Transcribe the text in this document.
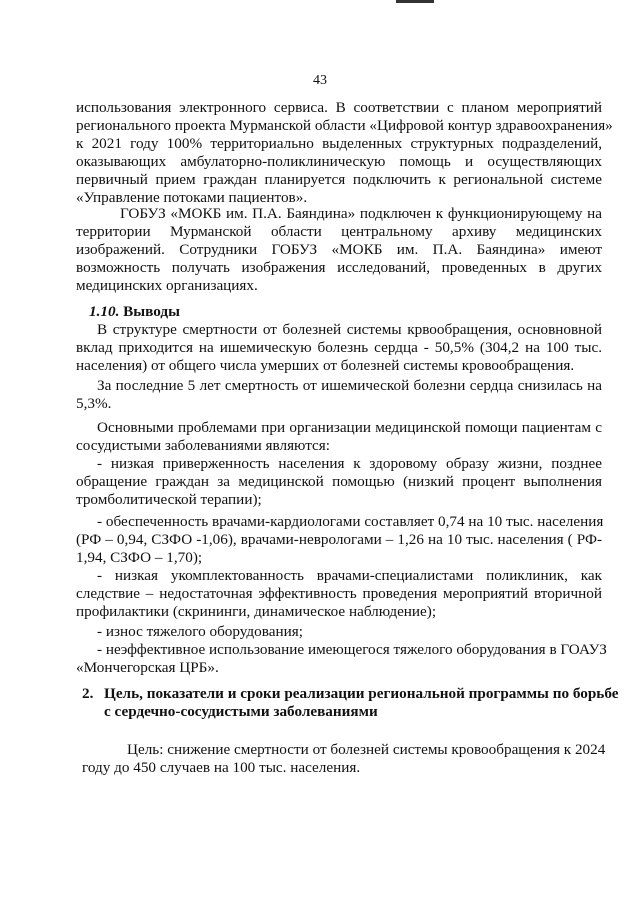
43
использования электронного сервиса. В соответствии с планом мероприятий
регионального проекта Мурманской области «Цифровой контур здравоохранения»
к 2021 году 100% территориально выделенных структурных подразделений,
оказывающих амбулаторно-поликлиническую помощь и осуществляющих
первичный прием граждан планируется подключить к региональной системе
«Управление потоками пациентов».
ГОБУЗ «МОКБ им. П.А. Баяндина» подключен к функционирующему на
территории Мурманской области центральному архиву медицинских
изображений. Сотрудники ГОБУЗ «МОКБ им. П.А. Баяндина» имеют
возможность получать изображения исследований, проведенных в других
медицинских организациях.
1.10. Выводы
В структуре смертности от болезней системы крвообращения, основновной
вклад приходится на ишемическую болезнь сердца - 50,5% (304,2 на 100 тыс.
населения) от общего числа умерших от болезней системы кровообращения.
За последние 5 лет смертность от ишемической болезни сердца снизилась на
5,3%.
Основными проблемами при организации медицинской помощи пациентам с
сосудистыми заболеваниями являются:
- низкая приверженность населения к здоровому образу жизни, позднее
обращение граждан за медицинской помощью (низкий процент выполнения
тромболитической терапии);
- обеспеченность врачами-кардиологами составляет 0,74 на 10 тыс. населения
(РФ – 0,94, СЗФО -1,06), врачами-неврологами – 1,26 на 10 тыс. населения ( РФ-
1,94, СЗФО – 1,70);
- низкая укомплектованность врачами-специалистами поликлиник, как
следствие – недостаточная эффективность проведения мероприятий вторичной
профилактики (скрининги, динамическое наблюдение);
- износ тяжелого оборудования;
- неэффективное использование имеющегося тяжелого оборудования в ГОАУЗ
«Мончегорская ЦРБ».
2. Цель, показатели и сроки реализации региональной программы по борьбе
с сердечно-сосудистыми заболеваниями
Цель: снижение смертности от болезней системы кровообращения к 2024
году до 450 случаев на 100 тыс. населения.
